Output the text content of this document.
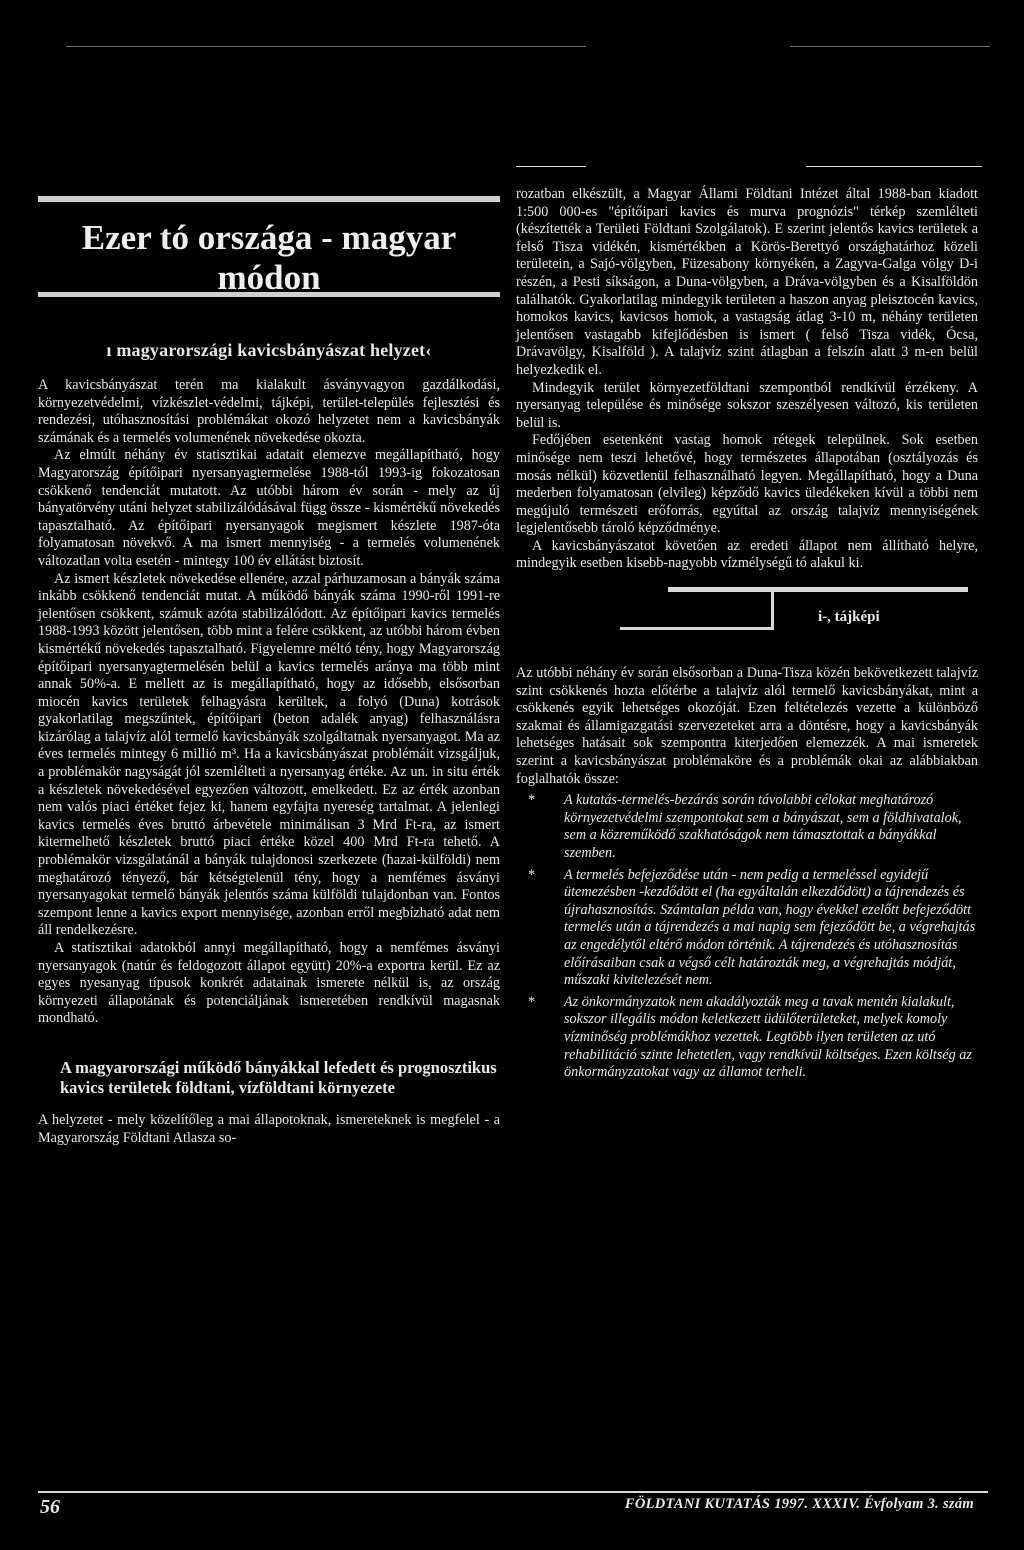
Ezer tó országa - magyar módon
ı magyarországi kavicsbányászat helyzet‹

A kavicsbányászat terén ma kialakult ásványvagyon gazdálkodási, környezetvédelmi, vízkészlet-védelmi, tájképi, terület-település fejlesztési és rendezési, utóhasznosítási problémákat okozó helyzetet nem a kavicsbányák számának és a termelés volumenének növekedése okozta.

Az elmúlt néhány év statisztikai adatait elemezve megállapítható, hogy Magyarország építőipari nyersanyagtermelése 1988-tól 1993-ig fokozatosan csökkenő tendenciát mutatott. Az utóbbi három év során - mely az új bányatörvény utáni helyzet stabilizálódásával függ össze - kismértékű növekedés tapasztalható. Az építőipari nyersanyagok megismert készlete 1987-óta folyamatosan növekvő. A ma ismert mennyiség - a termelés volumenének változatlan volta esetén - mintegy 100 év ellátást biztosít.

Az ismert készletek növekedése ellenére, azzal párhuzamosan a bányák száma inkább csökkenő tendenciát mutat. A működő bányák száma 1990-ről 1991-re jelentősen csökkent, számuk azóta stabilizálódott. Az építőipari kavics termelés 1988-1993 között jelentősen, több mint a felére csökkent, az utóbbi három évben kismértékű növekedés tapasztalható. Figyelemre méltó tény, hogy Magyarország építőipari nyersanyagtermelésén belül a kavics termelés aránya ma több mint annak 50%-a. E mellett az is megállapítható, hogy az idősebb, elsősorban miocén kavics területek felhagyásra kerültek, a folyó (Duna) kotrások gyakorlatilag megszűntek, építőipari (beton adalék anyag) felhasználásra kizárólag a talajvíz alól termelő kavicsbányák szolgáltatnak nyersanyagot. Ma az éves termelés mintegy 6 millió m³. Ha a kavicsbányászat problémáit vizsgáljuk, a problémakör nagyságát jól szemlélteti a nyersanyag értéke. Az un. in situ érték a készletek növekedésével egyezően változott, emelkedett. Ez az érték azonban nem valós piaci értéket fejez ki, hanem egyfajta nyereség tartalmat. A jelenlegi kavics termelés éves bruttó árbevétele minimálisan 3 Mrd Ft-ra, az ismert kitermelhető készletek bruttó piaci értéke közel 400 Mrd Ft-ra tehető. A problémakör vizsgálatánál a bányák tulajdonosi szerkezete (hazai-külföldi) nem meghatározó tényező, bár kétségtelenül tény, hogy a nemfémes ásványi nyersanyagokat termelő bányák jelentős száma külföldi tulajdonban van. Fontos szempont lenne a kavics export mennyisége, azonban erről megbízható adat nem áll rendelkezésre.

A statisztikai adatokból annyi megállapítható, hogy a nemfémes ásványi nyersanyagok (natúr és feldogozott állapot együtt) 20%-a exportra kerül. Ez az egyes nyesanyag típusok konkrét adatainak ismerete nélkül is, az ország környezeti állapotának és potenciáljának ismeretében rendkívül magasnak mondható.

A magyarországi működő bányákkal lefedett és prognosztikus kavics területek földtani, vízföldtani környezete

A helyzetet - mely közelítőleg a mai állapotoknak, ismereteknek is megfelel - a Magyarország Földtani Atlasza so-

rozatban elkészült, a Magyar Állami Földtani Intézet által 1988-ban kiadott 1:500 000-es "építőipari kavics és murva prognózis" térkép szemlélteti (készítették a Területi Földtani Szolgálatok). E szerint jelentős kavics területek a felső Tisza vidékén, kismértékben a Körös-Berettyó országhatárhoz közeli területein, a Sajó-völgyben, Füzesabony környékén, a Zagyva-Galga völgy D-i részén, a Pesti síkságon, a Duna-völgyben, a Dráva-völgyben és a Kisalföldön találhatók. Gyakorlatilag mindegyik területen a haszon anyag pleisztocén kavics, homokos kavics, kavicsos homok, a vastagság átlag 3-10 m, néhány területen jelentősen vastagabb kifejlődésben is ismert ( felső Tisza vidék, Ócsa, Drávavölgy, Kisalföld ). A talajvíz szint átlagban a felszín alatt 3 m-en belül helyezkedik el.

Mindegyik terület környezetföldtani szempontból rendkívül érzékeny. A nyersanyag települése és minősége sokszor szeszélyesen változó, kis területen belül is.

Fedőjében esetenként vastag homok rétegek települnek. Sok esetben minősége nem teszi lehetővé, hogy természetes állapotában (osztályozás és mosás nélkül) közvetlenül felhasználható legyen. Megállapítható, hogy a Duna mederben folyamatosan (elvileg) képződő kavics üledékeken kívül a többi nem megújuló természeti erőforrás, egyúttal az ország talajvíz mennyiségének legjelentősebb tároló képződménye.

A kavicsbányászatot követően az eredeti állapot nem állítható helyre, mindegyik esetben kisebb-nagyobb vízmélységű tó alakul ki.

i-, tájképi

Az utóbbi néhány év során elsősorban a Duna-Tisza közén bekövetkezett talajvíz szint csökkenés hozta előtérbe a talajvíz alól termelő kavicsbányákat, mint a csökkenés egyik lehetséges okozóját. Ezen feltételezés vezette a különböző szakmai és államigazgatási szervezeteket arra a döntésre, hogy a kavicsbányák lehetséges hatásait sok szempontra kiterjedően elemezzék. A mai ismeretek szerint a kavicsbányászat problémaköre és a problémák okai az alábbiakban foglalhatók össze:

* A kutatás-termelés-bezárás során távolabbi célokat meghatározó környezetvédelmi szempontokat sem a bányászat, sem a földhivatalok, sem a közreműködő szakhatóságok nem támasztottak a bányákkal szemben.
* A termelés befejeződése után - nem pedig a termeléssel egyidejű ütemezésben -kezdődött el (ha egyáltalán elkezdődött) a tájrendezés és újrahasznosítás. Számtalan példa van, hogy évekkel ezelőtt befejeződött termelés után a tájrendezés a mai napig sem fejeződött be, a végrehajtás az engedélytől eltérő módon történik. A tájrendezés és utóhasznosítás előírásaiban csak a végső célt határozták meg, a végrehajtás módját, műszaki kivitelezését nem.
* Az önkormányzatok nem akadályozták meg a tavak mentén kialakult, sokszor illegális módon keletkezett üdülőterületeket, melyek komoly vízminőség problémákhoz vezettek. Legtöbb ilyen területen az utó rehabilitáció szinte lehetetlen, vagy rendkívül költséges. Ezen költség az önkormányzatokat vagy az államot terheli.
56	FÖLDTANI KUTATÁS 1997. XXXIV. Évfolyam 3. szám
